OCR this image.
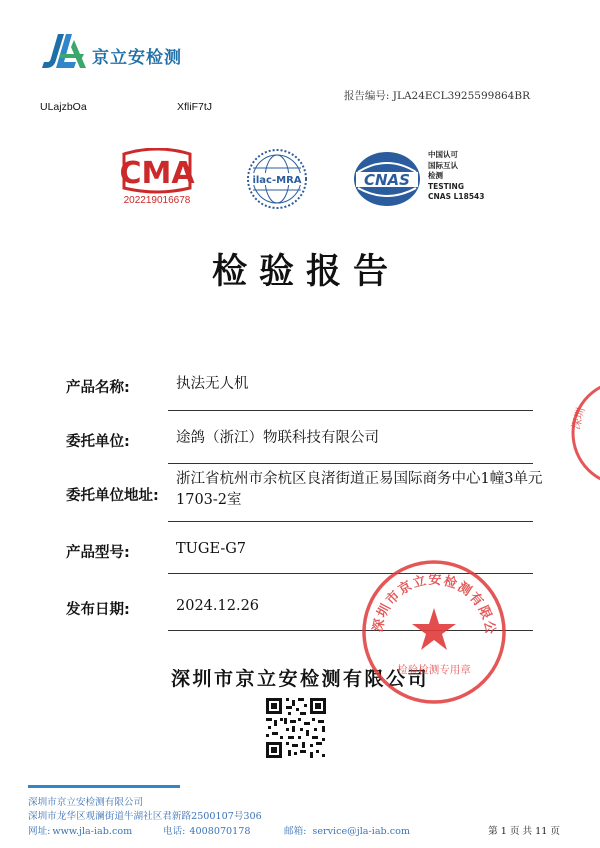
京立安检测
报告编号: JLA24ECL3925599864BR
ULajzbOa	XfliF7tJ
CMA
202219016678
ilac-MRA	CNAS
中国认可
国际互认
检测
TESTING
CNAS L18543
检验报告
产品名称:	执法无人机
委托单位:	途鸽（浙江）物联科技有限公司
委托单位地址:
浙江省杭州市余杭区良渚街道正易国际商务中心1幢3单元
1703-2室
产品型号:	TUGE-G7
发布日期:	2024.12.26
深圳市京立安检测有限公司
深圳市京立安检测有限公
检验检测专用章
深圳
深圳市京立安检测有限公司
深圳市龙华区观澜街道牛湖社区君新路2500107号306
网址: www.jla-iab.com	电话: 4008070178	邮箱: service@jla-iab.com	第 1 页 共 11 页
